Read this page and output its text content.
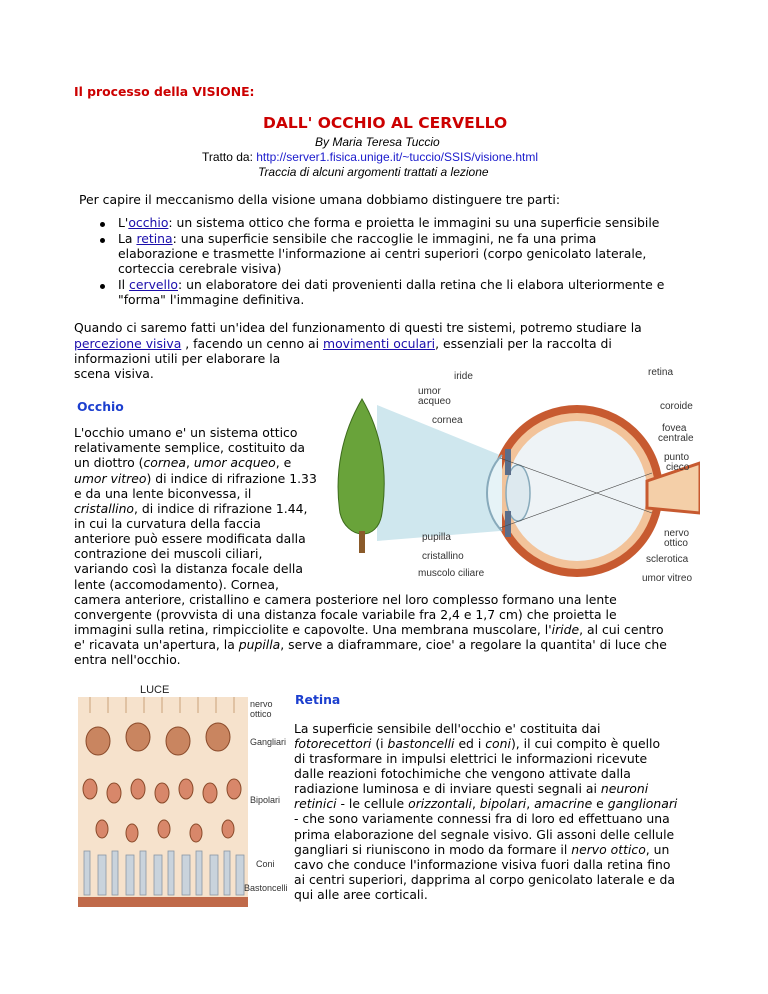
Il processo della VISIONE:
DALL' OCCHIO AL CERVELLO
By Maria Teresa Tuccio
Tratto da: http://server1.fisica.unige.it/~tuccio/SSIS/visione.html
Traccia di alcuni argomenti trattati a lezione
Per capire il meccanismo della visione umana dobbiamo distinguere tre parti:
L'occhio: un sistema ottico che forma e proietta le immagini su una superficie sensibile
La retina: una superficie sensibile che raccoglie le immagini, ne fa una prima
elaborazione e trasmette l'informazione ai centri superiori (corpo genicolato laterale,
corteccia cerebrale visiva)
Il cervello: un elaboratore dei dati provenienti dalla retina che li elabora ulteriormente e
"forma" l'immagine definitiva.
Quando ci saremo fatti un'idea del funzionamento di questi tre sistemi, potremo studiare la
percezione visiva , facendo un cenno ai movimenti oculari, essenziali per la raccolta di
informazioni utili per elaborare la
scena visiva.
Occhio
L'occhio umano e' un sistema ottico
relativamente semplice, costituito da
un diottro (cornea, umor acqueo, e
umor vitreo) di indice di rifrazione 1.33
e da una lente biconvessa, il
cristallino, di indice di rifrazione 1.44,
in cui la curvatura della faccia
anteriore può essere modificata dalla
contrazione dei muscoli ciliari,
variando così la distanza focale della
lente (accomodamento). Cornea,
camera anteriore, cristallino e camera posteriore nel loro complesso formano una lente
convergente (provvista di una distanza focale variabile fra 2,4 e 1,7 cm) che proietta le
immagini sulla retina, rimpicciolite e capovolte. Una membrana muscolare, l'iride, al cui centro
e' ricavata un'apertura, la pupilla, serve a diaframmare, cioe' a regolare la quantita' di luce che
entra nell'occhio.
iride
umor
acqueo
cornea
retina
coroide
fovea
centrale
punto
cieco
pupilla
cristallino
nervo
ottico
sclerotica
muscolo ciliare	umor vitreo
LUCE
nervo
ottico
Gangliari
Bipolari
Coni
Bastoncelli
Retina
La superficie sensibile dell'occhio e' costituita dai
fotorecettori (i bastoncelli ed i coni), il cui compito è quello
di trasformare in impulsi elettrici le informazioni ricevute
dalle reazioni fotochimiche che vengono attivate dalla
radiazione luminosa e di inviare questi segnali ai neuroni
retinici - le cellule orizzontali, bipolari, amacrine e ganglionari
- che sono variamente connessi fra di loro ed effettuano una
prima elaborazione del segnale visivo. Gli assoni delle cellule
gangliari si riuniscono in modo da formare il nervo ottico, un
cavo che conduce l'informazione visiva fuori dalla retina fino
ai centri superiori, dapprima al corpo genicolato laterale e da
qui alle aree corticali.
